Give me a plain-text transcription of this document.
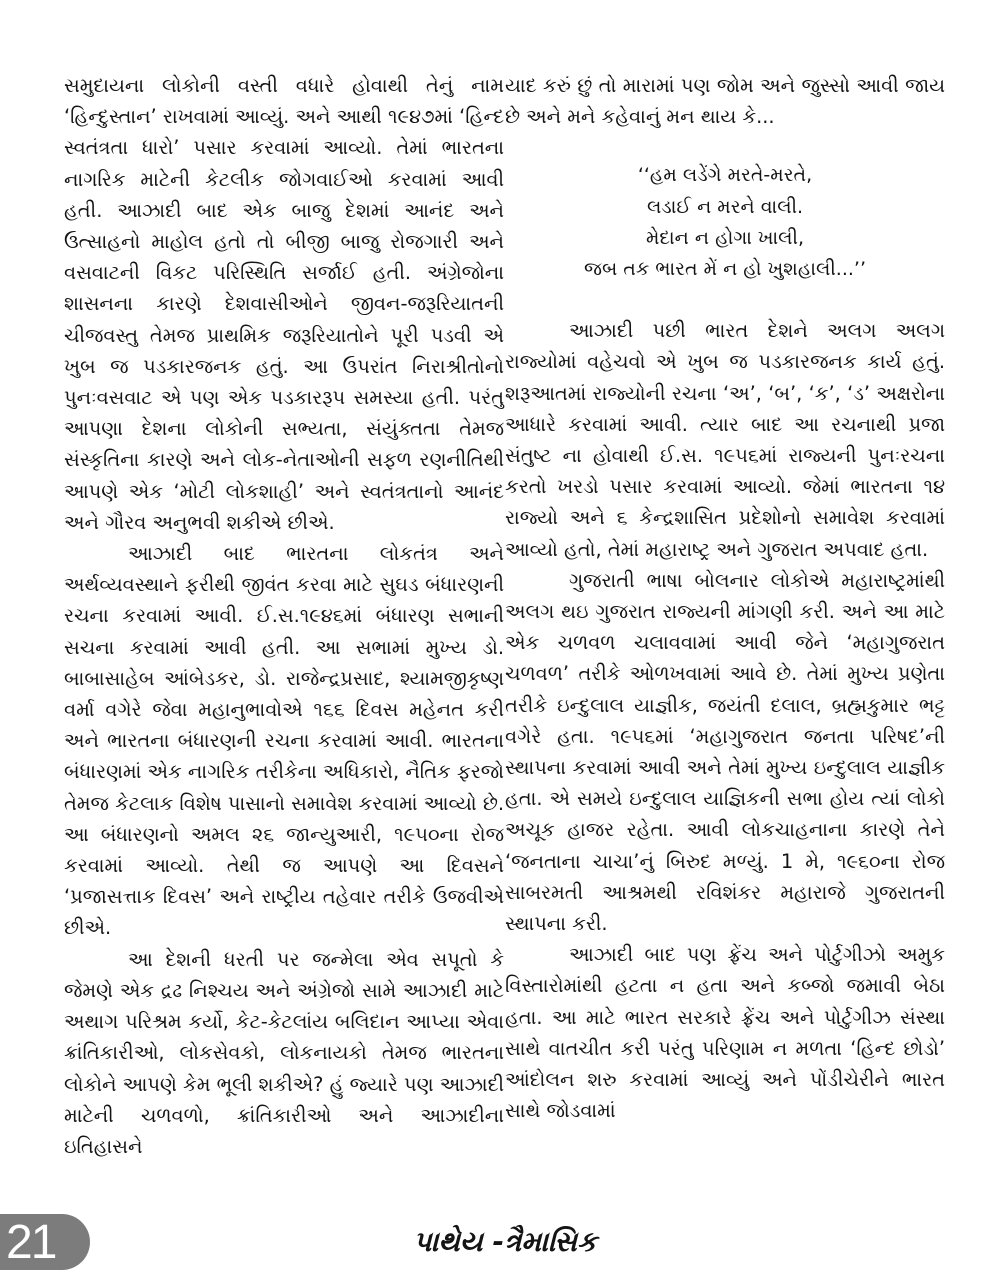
સમુદાયના લોકોની વસ્તી વધારે હોવાથી તેનું નામ ‘હિન્દુસ્તાન’ રાખવામાં આવ્યું. અને આથી ૧૯૪૭માં ‘હિન્દ સ્વતંત્રતા ધારો’ પસાર કરવામાં આવ્યો. તેમાં ભારતના નાગરિક માટેની કેટલીક જોગવાઈઓ કરવામાં આવી હતી. આઝાદી બાદ એક બાજુ દેશમાં આનંદ અને ઉત્સાહનો માહોલ હતો તો બીજી બાજુ રોજગારી અને વસવાટની વિકટ પરિસ્થિતિ સર્જાઈ હતી. અંગ્રેજોના શાસનના કારણે દેશવાસીઓને જીવન-જરૂરિયાતની ચીજવસ્તુ તેમજ પ્રાથમિક જરૂરિયાતોને પૂરી પડવી એ ખુબ જ પડકારજનક હતું. આ ઉપરાંત નિરાશ્રીતોનો પુનઃવસવાટ એ પણ એક પડકારરૂપ સમસ્યા હતી. પરંતુ આપણા દેશના લોકોની સભ્યતા, સંયુંક્તતા તેમજ સંસ્કૃતિના કારણે અને લોક-નેતાઓની સફળ રણનીતિથી આપણે એક ‘મોટી લોકશાહી’ અને સ્વતંત્રતાનો આનંદ અને ગૌરવ અનુભવી શકીએ છીએ.

આઝાદી બાદ ભારતના લોકતંત્ર અને અર્થવ્યવસ્થાને ફરીથી જીવંત કરવા માટે સુઘડ બંધારણની રચના કરવામાં આવી. ઈ.સ.૧૯૪૬માં બંધારણ સભાની સચના કરવામાં આવી હતી. આ સભામાં મુખ્ય ડો. બાબાસાહેબ આંબેડકર, ડો. રાજેન્દ્રપ્રસાદ, શ્યામજીકૃષ્ણ વર્મા વગેરે જેવા મહાનુભાવોએ ૧૬૬ દિવસ મહેનત કરી અને ભારતના બંધારણની રચના કરવામાં આવી. ભારતના બંધારણમાં એક નાગરિક તરીકેના અધિકારો, નૈતિક ફરજો તેમજ કેટલાક વિશેષ પાસાનો સમાવેશ કરવામાં આવ્યો છે. આ બંધારણનો અમલ ૨૬ જાન્યુઆરી, ૧૯૫૦ના રોજ કરવામાં આવ્યો. તેથી જ આપણે આ દિવસને ‘પ્રજાસત્તાક દિવસ’ અને રાષ્ટ્રીય તહેવાર તરીકે ઉજવીએ છીએ.

આ દેશની ધરતી પર જન્મેલા એવ સપૂતો કે જેમણે એક દ્રઢ નિશ્ચય અને અંગ્રેજો સામે આઝાદી માટે અથાગ પરિશ્રમ કર્યો, કેટ-કેટલાંય બલિદાન આપ્યા એવા ક્રાંતિકારીઓ, લોકસેવકો, લોકનાયકો તેમજ ભારતના લોકોને આપણે કેમ ભૂલી શકીએ? હું જ્યારે પણ આઝાદી માટેની ચળવળો, ક્રાંતિકારીઓ અને આઝાદીના ઇતિહાસને

યાદ કરું છું તો મારામાં પણ જોમ અને જુસ્સો આવી જાય છે અને મને કહેવાનું મન થાય કે...

‘‘હમ લડેંગે મરતે-મરતે,
લડાઈ ન મરને વાલી.
મેદાન ન હોગા ખાલી,
જબ તક ભારત મેં ન હો ખુશહાલી...’’

આઝાદી પછી ભારત દેશને અલગ અલગ રાજ્યોમાં વહેચવો એ ખુબ જ પડકારજનક કાર્ય હતું. શરૂઆતમાં રાજ્યોની રચના ‘અ’, ‘બ’, ‘ક’, ‘ડ’ અક્ષરોના આધારે કરવામાં આવી. ત્યાર બાદ આ રચનાથી પ્રજા સંતુષ્ટ ના હોવાથી ઈ.સ. ૧૯૫૬માં રાજ્યની પુનઃરચના કરતો ખરડો પસાર કરવામાં આવ્યો. જેમાં ભારતના ૧૪ રાજ્યો અને ૬ કેન્દ્રશાસિત પ્રદેશોનો સમાવેશ કરવામાં આવ્યો હતો, તેમાં મહારાષ્ટ્ર અને ગુજરાત અપવાદ હતા.

ગુજરાતી ભાષા બોલનાર લોકોએ મહારાષ્ટ્રમાંથી અલગ થઇ ગુજરાત રાજ્યની માંગણી કરી. અને આ માટે એક ચળવળ ચલાવવામાં આવી જેને ‘મહાગુજરાત ચળવળ’ તરીકે ઓળખવામાં આવે છે. તેમાં મુખ્ય પ્રણેતા તરીકે ઇન્દુલાલ યાજ્ઞીક, જયંતી દલાલ, બ્રહ્મકુમાર ભટ્ટ વગેરે હતા. ૧૯૫૬માં ‘મહાગુજરાત જનતા પરિષદ’ની સ્થાપના કરવામાં આવી અને તેમાં મુખ્ય ઇન્દુલાલ યાજ્ઞીક હતા. એ સમયે ઇન્દુલાલ યાજ્ઞિકની સભા હોય ત્યાં લોકો અચૂક હાજર રહેતા. આવી લોકચાહનાના કારણે તેને ‘જનતાના ચાચા’નું બિરુદ મળ્યું. 1 મે, ૧૯૬૦ના રોજ સાબરમતી આશ્રમથી રવિશંકર મહારાજે ગુજરાતની સ્થાપના કરી.

આઝાદી બાદ પણ ફ્રેંચ અને પોર્ટુગીઝો અમુક વિસ્તારોમાંથી હટતા ન હતા અને કબ્જો જમાવી બેઠા હતા. આ માટે ભારત સરકારે ફ્રેંચ અને પોર્ટુગીઝ સંસ્થા સાથે વાતચીત કરી પરંતુ પરિણામ ન મળતા ‘હિન્દ છોડો’ આંદોલન શરુ કરવામાં આવ્યું અને પોંડીચેરીને ભારત સાથે જોડવામાં

21	પાથેય -ત્રૈમાસિક
